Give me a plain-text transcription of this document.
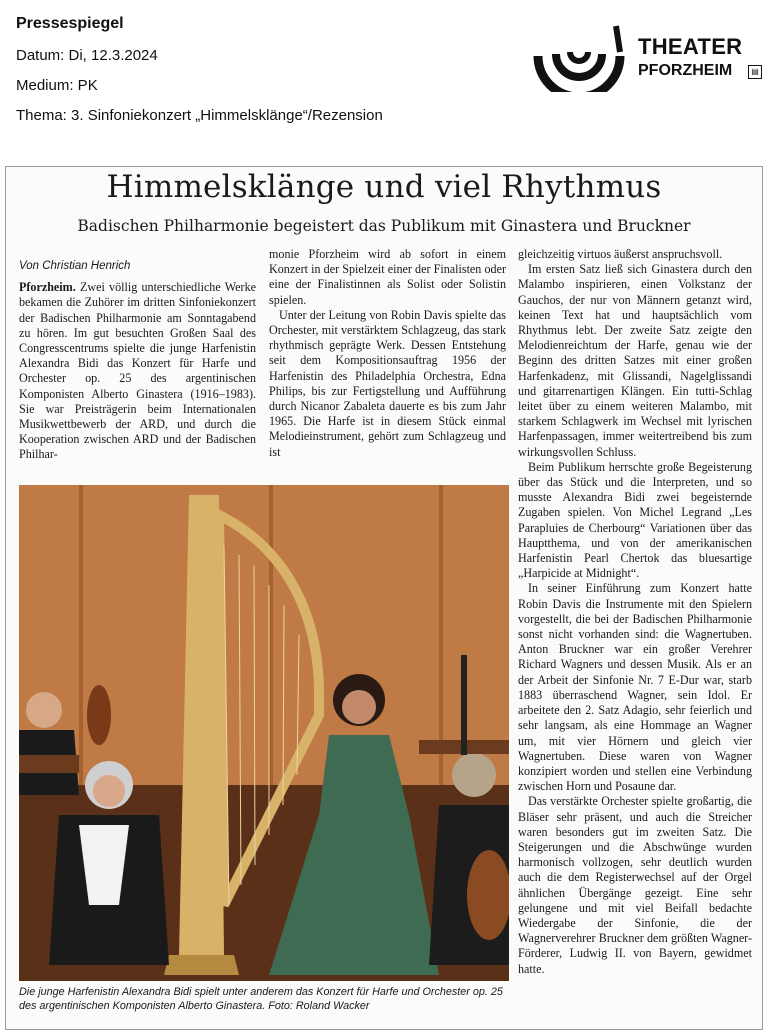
Pressespiegel
Datum: Di, 12.3.2024
Medium: PK
Thema: 3. Sinfoniekonzert „Himmelsklänge“/Rezension
THEATER
PFORZHEIM	▤
Himmelsklänge und viel Rhythmus
Badischen Philharmonie begeistert das Publikum mit Ginastera und Bruckner

Von Christian Henrich

Pforzheim. Zwei völlig unterschiedliche Werke bekamen die Zuhörer im dritten Sinfoniekonzert der Badischen Philharmonie am Sonntagabend zu hören. Im gut besuchten Großen Saal des Congresscentrums spielte die junge Harfenistin Alexandra Bidi das Konzert für Harfe und Orchester op. 25 des argentinischen Komponisten Alberto Ginastera (1916–1983). Sie war Preisträgerin beim Internationalen Musikwettbewerb der ARD, und durch die Kooperation zwischen ARD und der Badischen Philhar-

monie Pforzheim wird ab sofort in einem Konzert in der Spielzeit einer der Finalisten oder eine der Finalistinnen als Solist oder Solistin spielen.

Unter der Leitung von Robin Davis spielte das Orchester, mit verstärktem Schlagzeug, das stark rhythmisch geprägte Werk. Dessen Entstehung seit dem Kompositionsauftrag 1956 der Harfenistin des Philadelphia Orchestra, Edna Philips, bis zur Fertigstellung und Aufführung durch Nicanor Zabaleta dauerte es bis zum Jahr 1965. Die Harfe ist in diesem Stück einmal Melodieinstrument, gehört zum Schlagzeug und ist

gleichzeitig virtuos äußerst anspruchsvoll.

Im ersten Satz ließ sich Ginastera durch den Malambo inspirieren, einen Volkstanz der Gauchos, der nur von Männern getanzt wird, keinen Text hat und hauptsächlich vom Rhythmus lebt. Der zweite Satz zeigte den Melodienreichtum der Harfe, genau wie der Beginn des dritten Satzes mit einer großen Harfenkadenz, mit Glissandi, Nagelglissandi und gitarrenartigen Klängen. Ein tutti-Schlag leitet über zu einem weiteren Malambo, mit starkem Schlagwerk im Wechsel mit lyrischen Harfenpassagen, immer weitertreibend bis zum wirkungsvollen Schluss.

Beim Publikum herrschte große Begeisterung über das Stück und die Interpreten, und so musste Alexandra Bidi zwei begeisternde Zugaben spielen. Von Michel Legrand „Les Parapluies de Cherbourg“ Variationen über das Hauptthema, und von der amerikanischen Harfenistin Pearl Chertok das bluesartige „Harpicide at Midnight“.

In seiner Einführung zum Konzert hatte Robin Davis die Instrumente mit den Spielern vorgestellt, die bei der Badischen Philharmonie sonst nicht vorhanden sind: die Wagnertuben. Anton Bruckner war ein großer Verehrer Richard Wagners und dessen Musik. Als er an der Arbeit der Sinfonie Nr. 7 E-Dur war, starb 1883 überraschend Wagner, sein Idol. Er arbeitete den 2. Satz Adagio, sehr feierlich und sehr langsam, als eine Hommage an Wagner um, mit vier Hörnern und gleich vier Wagnertuben. Diese waren von Wagner konzipiert worden und stellen eine Verbindung zwischen Horn und Posaune dar.

Das verstärkte Orchester spielte großartig, die Bläser sehr präsent, und auch die Streicher waren besonders gut im zweiten Satz. Die Steigerungen und die Abschwünge wurden harmonisch vollzogen, sehr deutlich wurden auch die dem Registerwechsel auf der Orgel ähnlichen Übergänge gezeigt. Eine sehr gelungene und mit viel Beifall bedachte Wiedergabe der Sinfonie, die der Wagnerverehrer Bruckner dem größten Wagner-Förderer, Ludwig II. von Bayern, gewidmet hatte.

Die junge Harfenistin Alexandra Bidi spielt unter anderem das Konzert für Harfe und Orchester op. 25 des argentinischen Komponisten Alberto Ginastera. Foto: Roland Wacker
